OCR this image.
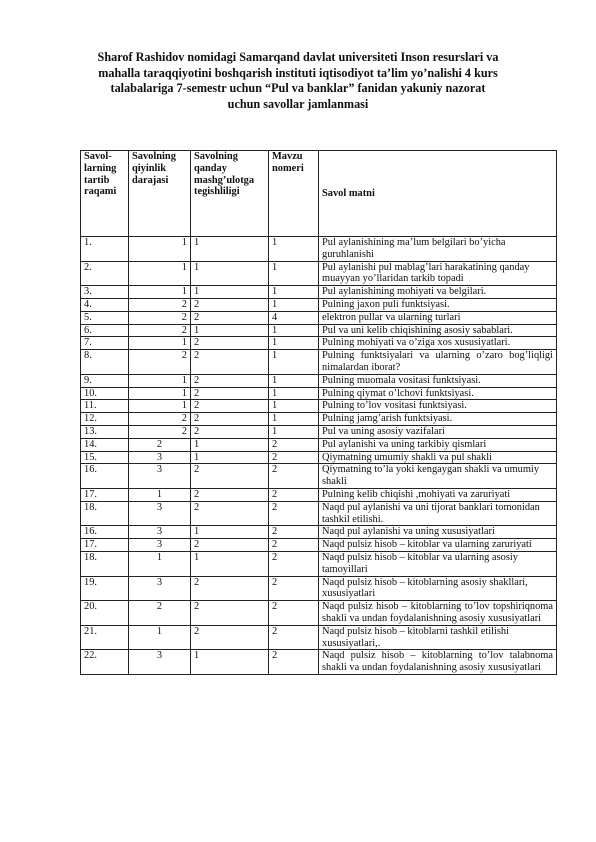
Sharof Rashidov nomidagi Samarqand davlat universiteti Inson resurslari va
mahalla taraqqiyotini boshqarish instituti iqtisodiyot ta’lim yo’nalishi 4 kurs
talabalariga 7-semestr uchun “Pul va banklar” fanidan yakuniy nazorat
uchun savollar jamlanmasi
Savol-larning tartib raqami	Savolning qiyinlik darajasi	Savolning qanday mashg’ulotga tegishliligi	Mavzu nomeri	Savol matni
1.	1	1	1	Pul aylanishining ma’lum belgilari bo’yicha guruhlanishi
2.	1	1	1	Pul aylanishi pul mablag’lari harakatining qanday muayyan yo’llaridan tarkib topadi
3.	1	1	1	Pul aylanishining mohiyati va belgilari.
4.	2	2	1	Pulning jaxon puli funktsiyasi.
5.	2	2	4	elektron pullar va ularning turlari
6.	2	1	1	Pul va uni kelib chiqishining asosiy sabablari.
7.	1	2	1	Pulning mohiyati va o’ziga xos xususiyatlari.
8.	2	2	1	Pulning funktsiyalari va ularning o’zaro bog’liqligi nimalardan iborat?
9.	1	2	1	Pulning muomala vositasi funktsiyasi.
10.	1	2	1	Pulning qiymat o’lchovi funktsiyasi.
11.	1	2	1	Pulning to’lov vositasi funktsiyasi.
12.	2	2	1	Pulning jamg’arish funktsiyasi.
13.	2	2	1	Pul va uning asosiy vazifalari
14.	2	1	2	Pul aylanishi va uning tarkibiy qismlari
15.	3	1	2	Qiymatning umumiy shakli va pul shakli
16.	3	2	2	Qiymatning to’la yoki kengaygan shakli va umumiy shakli
17.	1	2	2	Pulning kelib chiqishi ,mohiyati va zaruriyati
18.	3	2	2	Naqd pul aylanishi va uni tijorat banklari tomonidan tashkil etilishi.
16.	3	1	2	Naqd pul aylanishi va uning xususiyatlari
17.	3	2	2	Naqd pulsiz hisob – kitoblar va ularning zaruriyati
18.	1	1	2	Naqd pulsiz hisob – kitoblar va ularning asosiy tamoyillari
19.	3	2	2	Naqd pulsiz hisob – kitoblarning asosiy shakllari, xususiyatlari
20.	2	2	2	Naqd pulsiz hisob – kitoblarning to’lov topshiriqnoma shakli va undan foydalanishning asosiy xususiyatlari
21.	1	2	2	Naqd pulsiz hisob – kitoblarni tashkil etilishi xususiyatlari,.
22.	3	1	2	Naqd pulsiz hisob – kitoblarning to’lov talabnoma shakli va undan foydalanishning asosiy xususiyatlari
